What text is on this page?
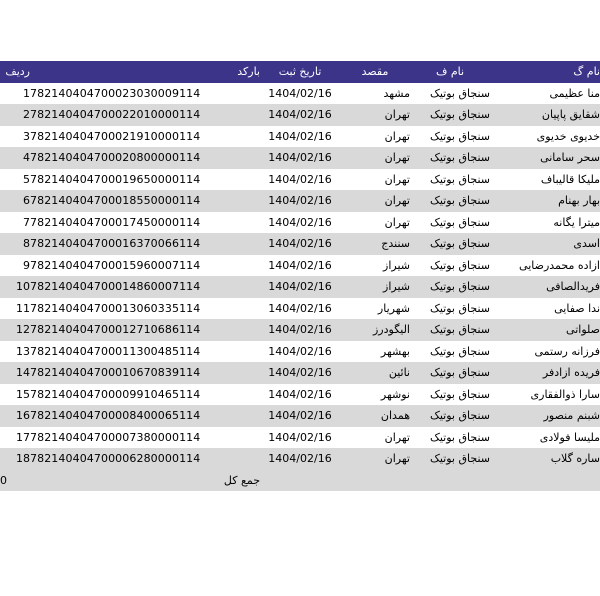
ردیف	بارکد	تاریخ ثبت	مقصد	نام ف	نام گ
1	782140404700023030009114	1404/02/16	مشهد	سنجاق بوتیک	منا عظیمی
2	782140404700022010000114	1404/02/16	تهران	سنجاق بوتیک	شقایق پاپیان
3	782140404700021910000114	1404/02/16	تهران	سنجاق بوتیک	خدیوی خدیوی
4	782140404700020800000114	1404/02/16	تهران	سنجاق بوتیک	سحر سامانی
5	782140404700019650000114	1404/02/16	تهران	سنجاق بوتیک	ملیکا قالیباف
6	782140404700018550000114	1404/02/16	تهران	سنجاق بوتیک	بهار بهنام
7	782140404700017450000114	1404/02/16	تهران	سنجاق بوتیک	میترا یگانه
8	782140404700016370066114	1404/02/16	سنندج	سنجاق بوتیک	اسدی
9	782140404700015960007114	1404/02/16	شیراز	سنجاق بوتیک	ازاده محمدرضایی
10	782140404700014860007114	1404/02/16	شیراز	سنجاق بوتیک	فریدالصافی
11	782140404700013060335114	1404/02/16	شهریار	سنجاق بوتیک	ندا صفایی
12	782140404700012710686114	1404/02/16	الیگودرز	سنجاق بوتیک	صلواتی
13	782140404700011300485114	1404/02/16	بهشهر	سنجاق بوتیک	فرزانه رستمی
14	782140404700010670839114	1404/02/16	نائین	سنجاق بوتیک	فریده ازادفر
15	782140404700009910465114	1404/02/16	نوشهر	سنجاق بوتیک	سارا ذوالفقاری
16	782140404700008400065114	1404/02/16	همدان	سنجاق بوتیک	شبنم منصور
17	782140404700007380000114	1404/02/16	تهران	سنجاق بوتیک	ملیسا فولادی
18	782140404700006280000114	1404/02/16	تهران	سنجاق بوتیک	ساره گلاب
0	جمع کل				
